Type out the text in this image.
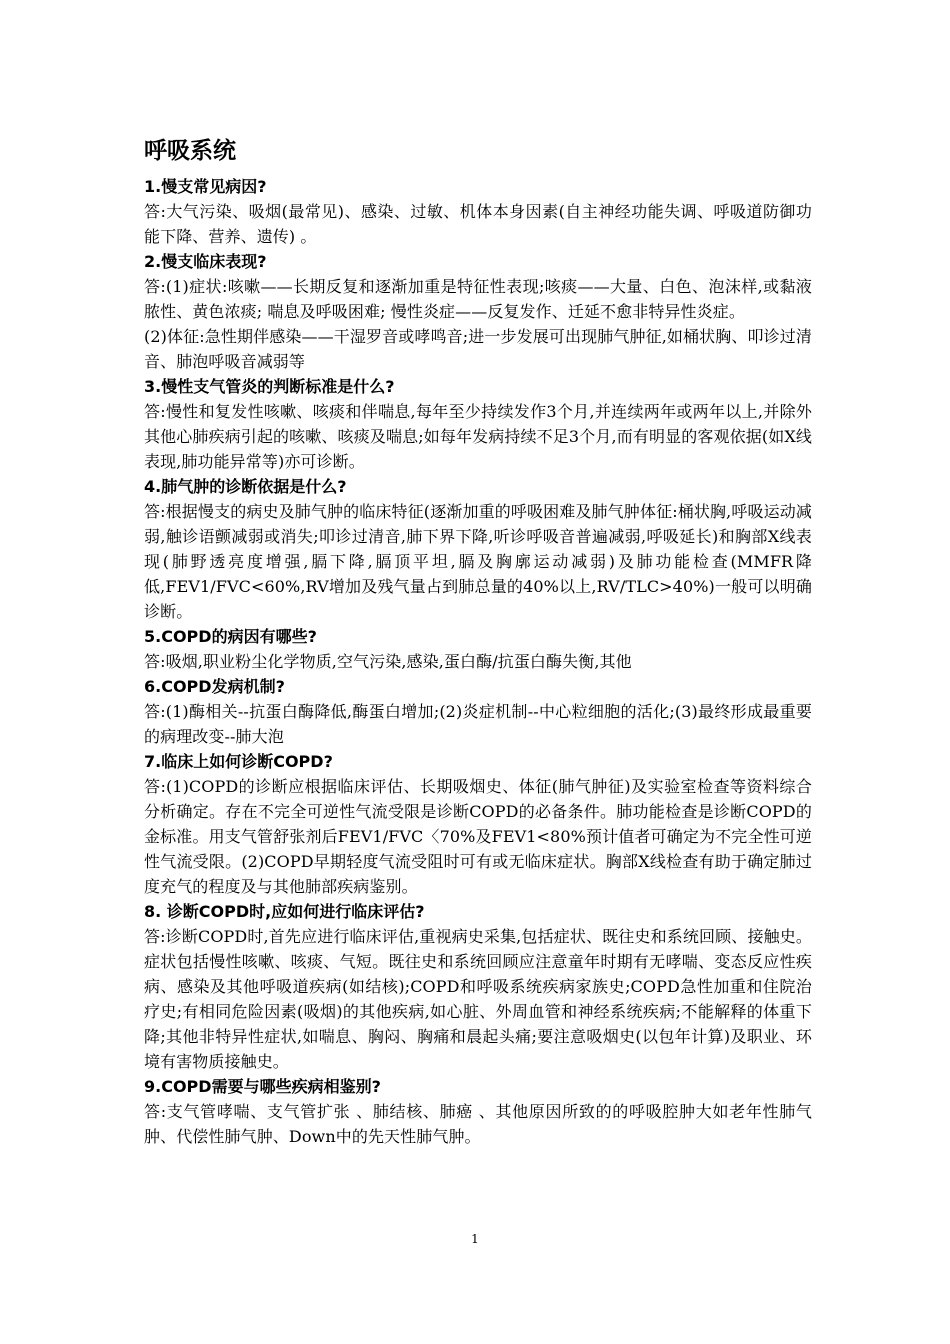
呼吸系统

1.慢支常见病因?

答:大气污染、吸烟(最常见)、感染、过敏、机体本身因素(自主神经功能失调、呼吸道防御功能下降、营养、遗传) 。

2.慢支临床表现?

答:(1)症状:咳嗽——长期反复和逐渐加重是特征性表现;咳痰——大量、白色、泡沫样,或黏液脓性、黄色浓痰; 喘息及呼吸困难; 慢性炎症——反复发作、迁延不愈非特异性炎症。

(2)体征:急性期伴感染——干湿罗音或哮鸣音;进一步发展可出现肺气肿征,如桶状胸、叩诊过清音、肺泡呼吸音减弱等

3.慢性支气管炎的判断标准是什么?

答:慢性和复发性咳嗽、咳痰和伴喘息,每年至少持续发作3个月,并连续两年或两年以上,并除外其他心肺疾病引起的咳嗽、咳痰及喘息;如每年发病持续不足3个月,而有明显的客观依据(如X线表现,肺功能异常等)亦可诊断。

4.肺气肿的诊断依据是什么?

答:根据慢支的病史及肺气肿的临床特征(逐渐加重的呼吸困难及肺气肿体征:桶状胸,呼吸运动减弱,触诊语颤减弱或消失;叩诊过清音,肺下界下降,听诊呼吸音普遍减弱,呼吸延长)和胸部X线表现(肺野透亮度增强,膈下降,膈顶平坦,膈及胸廓运动减弱)及肺功能检查(MMFR降低,FEV1/FVC<60%,RV增加及残气量占到肺总量的40%以上,RV/TLC>40%)一般可以明确诊断。

5.COPD的病因有哪些?

答:吸烟,职业粉尘化学物质,空气污染,感染,蛋白酶/抗蛋白酶失衡,其他

6.COPD发病机制?

答:(1)酶相关--抗蛋白酶降低,酶蛋白增加;(2)炎症机制--中心粒细胞的活化;(3)最终形成最重要的病理改变--肺大泡

7.临床上如何诊断COPD?

答:(1)COPD的诊断应根据临床评估、长期吸烟史、体征(肺气肿征)及实验室检查等资料综合分析确定。存在不完全可逆性气流受限是诊断COPD的必备条件。肺功能检查是诊断COPD的金标准。用支气管舒张剂后FEV1/FVC〈70%及FEV1<80%预计值者可确定为不完全性可逆性气流受限。(2)COPD早期轻度气流受阻时可有或无临床症状。胸部X线检查有助于确定肺过度充气的程度及与其他肺部疾病鉴别。

8. 诊断COPD时,应如何进行临床评估?

答:诊断COPD时,首先应进行临床评估,重视病史采集,包括症状、既往史和系统回顾、接触史。症状包括慢性咳嗽、咳痰、气短。既往史和系统回顾应注意童年时期有无哮喘、变态反应性疾病、感染及其他呼吸道疾病(如结核);COPD和呼吸系统疾病家族史;COPD急性加重和住院治疗史;有相同危险因素(吸烟)的其他疾病,如心脏、外周血管和神经系统疾病;不能解释的体重下降;其他非特异性症状,如喘息、胸闷、胸痛和晨起头痛;要注意吸烟史(以包年计算)及职业、环境有害物质接触史。

9.COPD需要与哪些疾病相鉴别?

答:支气管哮喘、支气管扩张 、肺结核、肺癌 、其他原因所致的的呼吸腔肿大如老年性肺气肿、代偿性肺气肿、Down中的先天性肺气肿。

1
